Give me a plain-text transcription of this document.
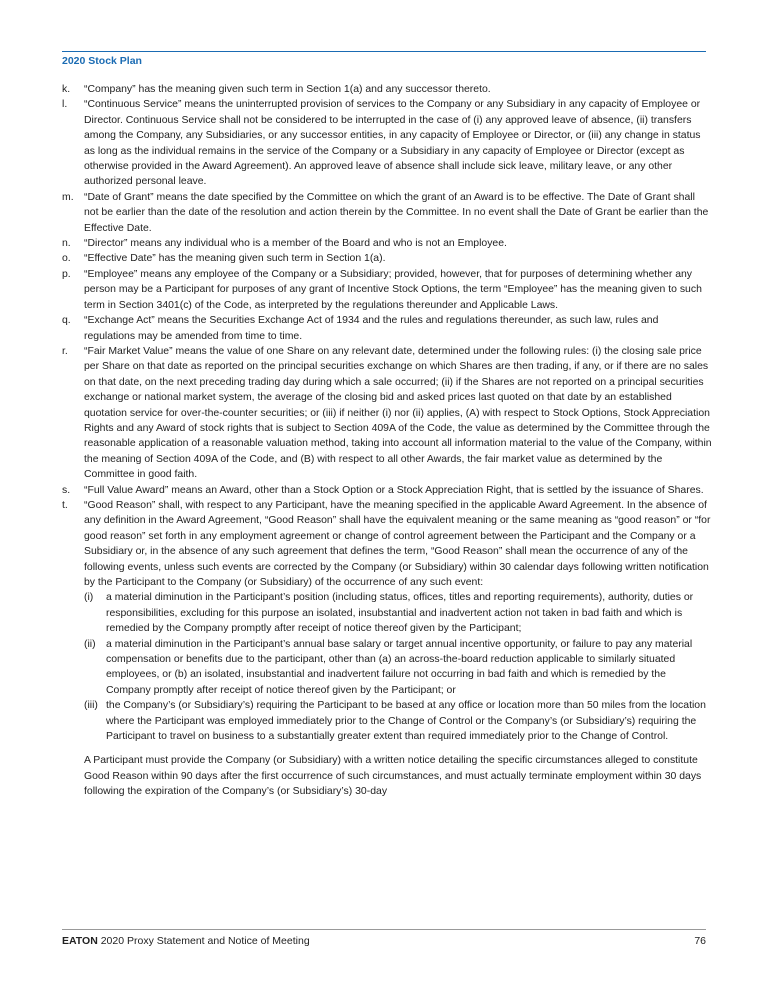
2020 Stock Plan
k.	“Company” has the meaning given such term in Section 1(a) and any successor thereto.
l.	“Continuous Service” means the uninterrupted provision of services to the Company or any Subsidiary in any capacity of Employee or Director. Continuous Service shall not be considered to be interrupted in the case of (i) any approved leave of absence, (ii) transfers among the Company, any Subsidiaries, or any successor entities, in any capacity of Employee or Director, or (iii) any change in status as long as the individual remains in the service of the Company or a Subsidiary in any capacity of Employee or Director (except as otherwise provided in the Award Agreement). An approved leave of absence shall include sick leave, military leave, or any other authorized personal leave.
m. “Date of Grant” means the date specified by the Committee on which the grant of an Award is to be effective. The Date of Grant shall not be earlier than the date of the resolution and action therein by the Committee. In no event shall the Date of Grant be earlier than the Effective Date.
n.	“Director” means any individual who is a member of the Board and who is not an Employee.
o.	“Effective Date” has the meaning given such term in Section 1(a).
p.	“Employee” means any employee of the Company or a Subsidiary; provided, however, that for purposes of determining whether any person may be a Participant for purposes of any grant of Incentive Stock Options, the term “Employee” has the meaning given to such term in Section 3401(c) of the Code, as interpreted by the regulations thereunder and Applicable Laws.
q.	“Exchange Act” means the Securities Exchange Act of 1934 and the rules and regulations thereunder, as such law, rules and regulations may be amended from time to time.
r.	“Fair Market Value” means the value of one Share on any relevant date, determined under the following rules: (i) the closing sale price per Share on that date as reported on the principal securities exchange on which Shares are then trading, if any, or if there are no sales on that date, on the next preceding trading day during which a sale occurred; (ii) if the Shares are not reported on a principal securities exchange or national market system, the average of the closing bid and asked prices last quoted on that date by an established quotation service for over-the-counter securities; or (iii) if neither (i) nor (ii) applies, (A) with respect to Stock Options, Stock Appreciation Rights and any Award of stock rights that is subject to Section 409A of the Code, the value as determined by the Committee through the reasonable application of a reasonable valuation method, taking into account all information material to the value of the Company, within the meaning of Section 409A of the Code, and (B) with respect to all other Awards, the fair market value as determined by the Committee in good faith.
s.	“Full Value Award” means an Award, other than a Stock Option or a Stock Appreciation Right, that is settled by the issuance of Shares.
t.	“Good Reason” shall, with respect to any Participant, have the meaning specified in the applicable Award Agreement. In the absence of any definition in the Award Agreement, “Good Reason” shall have the equivalent meaning or the same meaning as “good reason” or “for good reason” set forth in any employment agreement or change of control agreement between the Participant and the Company or a Subsidiary or, in the absence of any such agreement that defines the term, “Good Reason” shall mean the occurrence of any of the following events, unless such events are corrected by the Company (or Subsidiary) within 30 calendar days following written notification by the Participant to the Company (or Subsidiary) of the occurrence of any such event:
(i)	a material diminution in the Participant’s position (including status, offices, titles and reporting requirements), authority, duties or responsibilities, excluding for this purpose an isolated, insubstantial and inadvertent action not taken in bad faith and which is remedied by the Company promptly after receipt of notice thereof given by the Participant;
(ii) a material diminution in the Participant’s annual base salary or target annual incentive opportunity, or failure to pay any material compensation or benefits due to the participant, other than (a) an across-the-board reduction applicable to similarly situated employees, or (b) an isolated, insubstantial and inadvertent failure not occurring in bad faith and which is remedied by the Company promptly after receipt of notice thereof given by the Participant; or
(iii) the Company’s (or Subsidiary’s) requiring the Participant to be based at any office or location more than 50 miles from the location where the Participant was employed immediately prior to the Change of Control or the Company’s (or Subsidiary’s) requiring the Participant to travel on business to a substantially greater extent than required immediately prior to the Change of Control.

A Participant must provide the Company (or Subsidiary) with a written notice detailing the specific circumstances alleged to constitute Good Reason within 90 days after the first occurrence of such circumstances, and must actually terminate employment within 30 days following the expiration of the Company’s (or Subsidiary’s) 30-day

EATON 2020 Proxy Statement and Notice of Meeting	76
